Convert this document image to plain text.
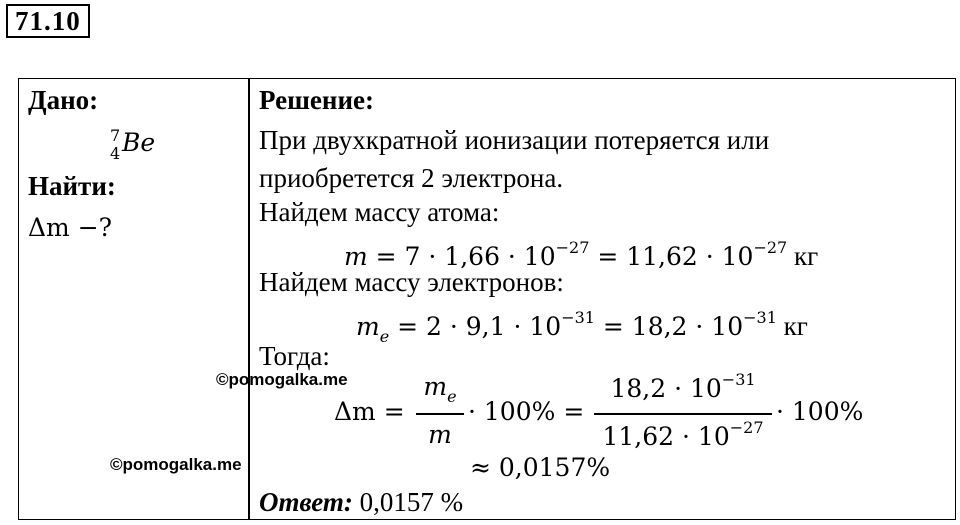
71.10
Дано:
7
4 Be
Найти:
Δm −?
Решение:
При двухкратной ионизации потеряется или
приобретется 2 электрона.
Найдем массу атома:
$m = 7 \cdot 1,66 \cdot 10^{-27} = 11,62 \cdot 10^{-27}$ кг
Найдем массу электронов:
$m_e = 2 \cdot 9,1 \cdot 10^{-31} = 18,2 \cdot 10^{-31}$ кг
Тогда:
Δm =
$m_e$
m
· 100% =
$18,2 \cdot 10^{-31}$
$11,62 \cdot 10^{-27}$
· 100%
≈ 0,0157%
Ответ: 0,0157 %
©pomogalka.me
©pomogalka.me
